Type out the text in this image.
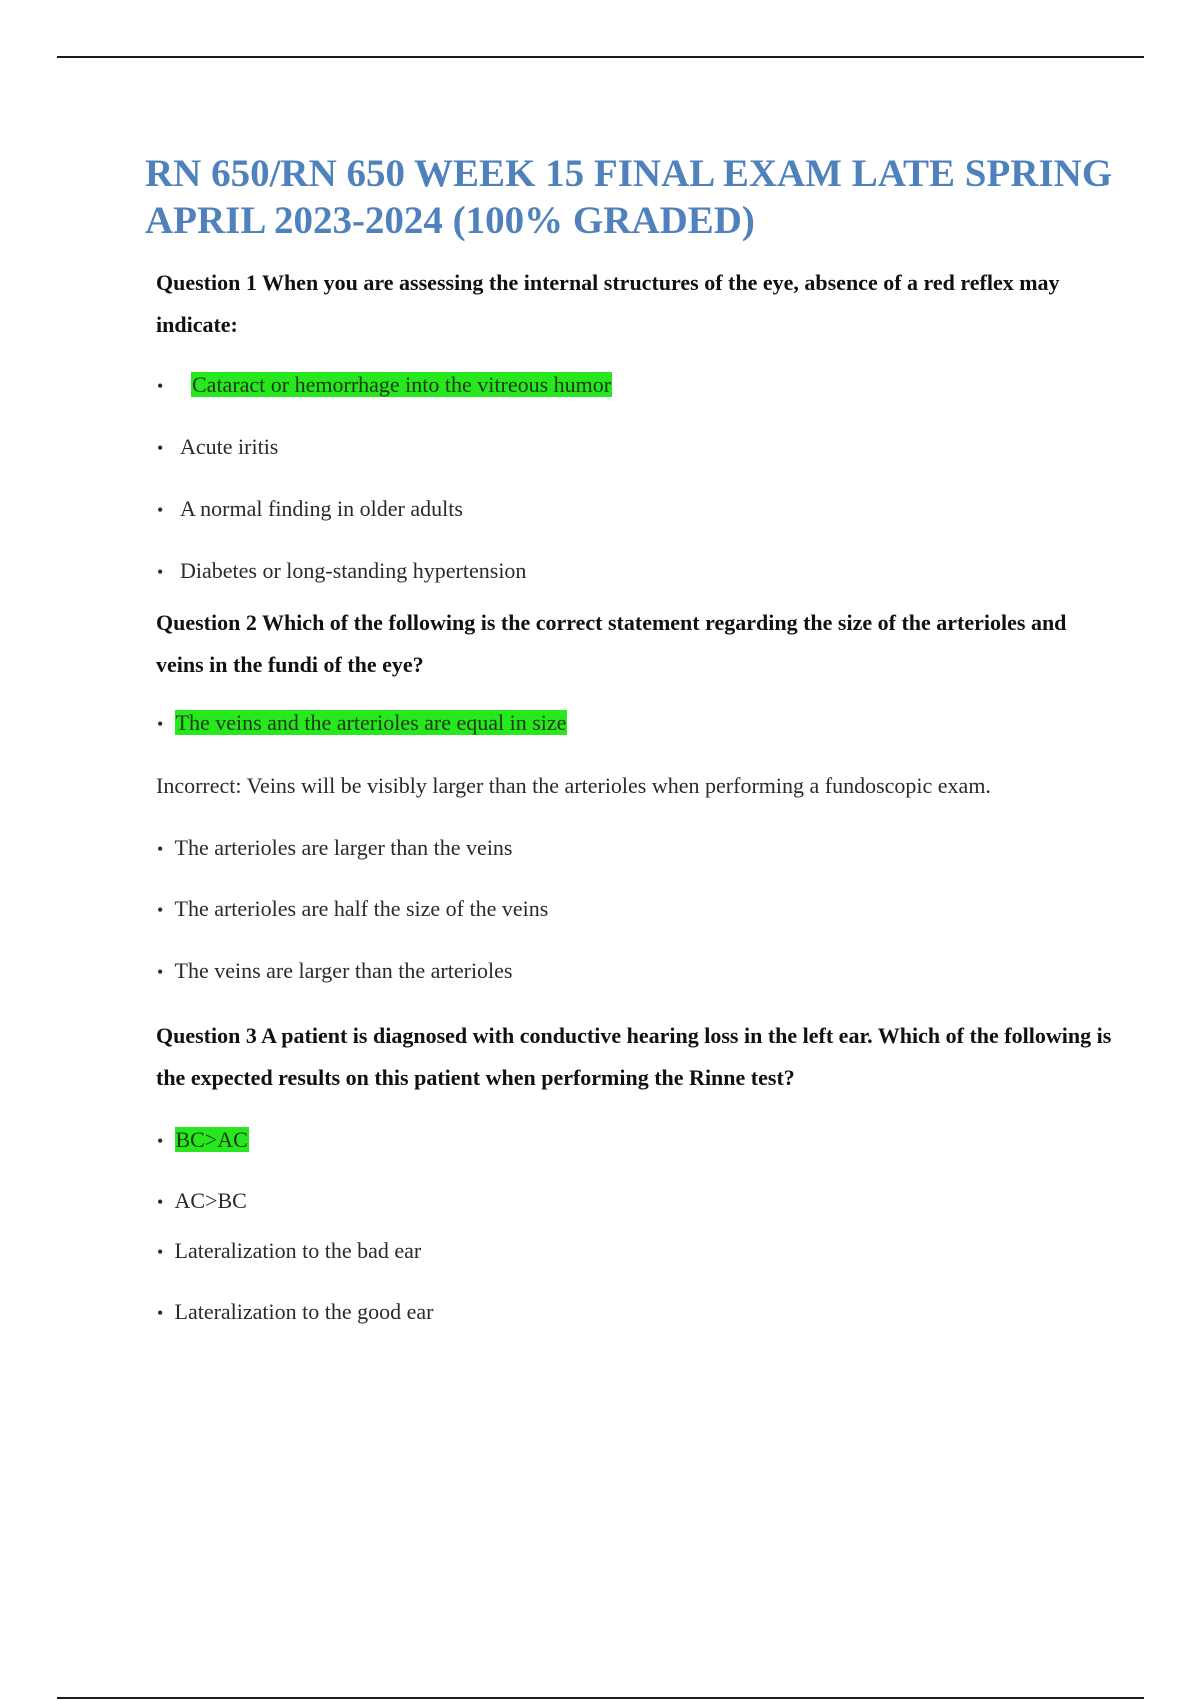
RN 650/RN 650 WEEK 15 FINAL EXAM LATE SPRING APRIL 2023-2024 (100% GRADED)

Question 1 When you are assessing the internal structures of the eye, absence of a red reflex may indicate:

• Cataract or hemorrhage into the vitreous humor
• Acute iritis
• A normal finding in older adults
• Diabetes or long-standing hypertension

Question 2 Which of the following is the correct statement regarding the size of the arterioles and veins in the fundi of the eye?

• The veins and the arterioles are equal in size
Incorrect: Veins will be visibly larger than the arterioles when performing a fundoscopic exam.
• The arterioles are larger than the veins
• The arterioles are half the size of the veins
• The veins are larger than the arterioles

Question 3 A patient is diagnosed with conductive hearing loss in the left ear. Which of the following is the expected results on this patient when performing the Rinne test?

• BC>AC
• AC>BC
• Lateralization to the bad ear
• Lateralization to the good ear
